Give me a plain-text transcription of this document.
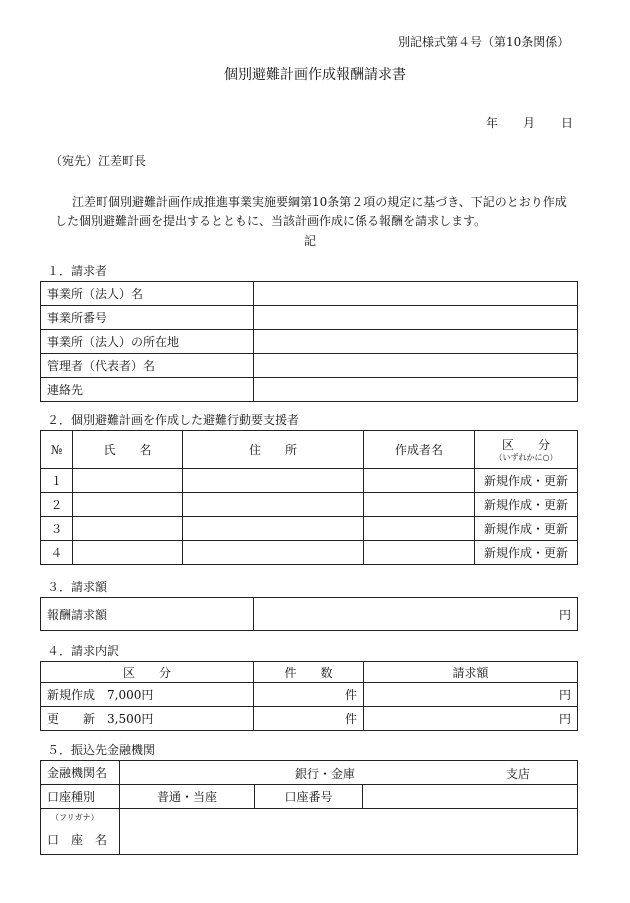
別記様式第４号（第10条関係）
個別避難計画作成報酬請求書
年 月 日
（宛先）江差町長
江差町個別避難計画作成推進事業実施要綱第10条第２項の規定に基づき、下記のとおり作成
した個別避難計画を提出するとともに、当該計画作成に係る報酬を請求します。
記
１．請求者
事業所（法人）名	
事業所番号	
事業所（法人）の所在地	
管理者（代表者）名	
連絡先	
２．個別避難計画を作成した避難行動要支援者
№	氏　　名	住　　所	作成者名	区　　分
（いずれかに○）

１				新規作成・更新
２				新規作成・更新
３				新規作成・更新
４				新規作成・更新
３．請求額
報酬請求額	円
４．請求内訳
区　　分	件　　数	請求額
新規作成　7,000円	件	円
更　　新　3,500円	件	円
５．振込先金融機関
金融機関名	銀行・金庫 支店		

口座種別	普通・当座	口座番号	

（フリガナ）
口　座　名			
